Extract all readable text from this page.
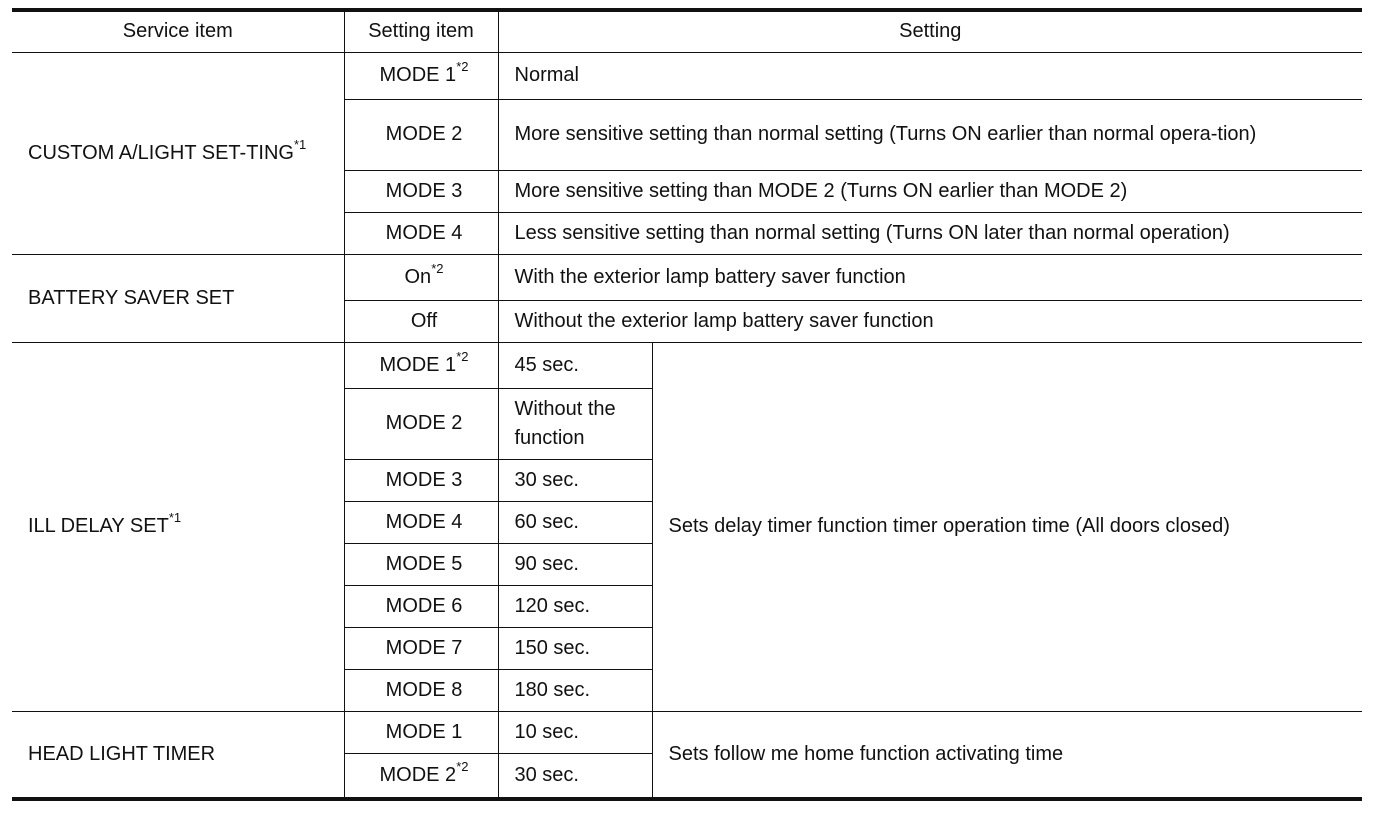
Service item	Setting item	Setting	
CUSTOM A/LIGHT SET-TING$^{*1}$	MODE 1$^{*2}$	Normal	
	MODE 2	More sensitive setting than normal setting (Turns ON earlier than normal opera-tion)	
	MODE 3	More sensitive setting than MODE 2 (Turns ON earlier than MODE 2)	
	MODE 4	Less sensitive setting than normal setting (Turns ON later than normal operation)	
BATTERY SAVER SET	On$^{*2}$	With the exterior lamp battery saver function	
	Off	Without the exterior lamp battery saver function	
ILL DELAY SET$^{*1}$	MODE 1$^{*2}$	45 sec.	Sets delay timer function timer operation time (All doors closed)
	MODE 2	Without the function	
	MODE 3	30 sec.	
	MODE 4	60 sec.	
	MODE 5	90 sec.	
	MODE 6	120 sec.	
	MODE 7	150 sec.	
	MODE 8	180 sec.	
HEAD LIGHT TIMER	MODE 1	10 sec.	Sets follow me home function activating time
	MODE 2$^{*2}$	30 sec.	
